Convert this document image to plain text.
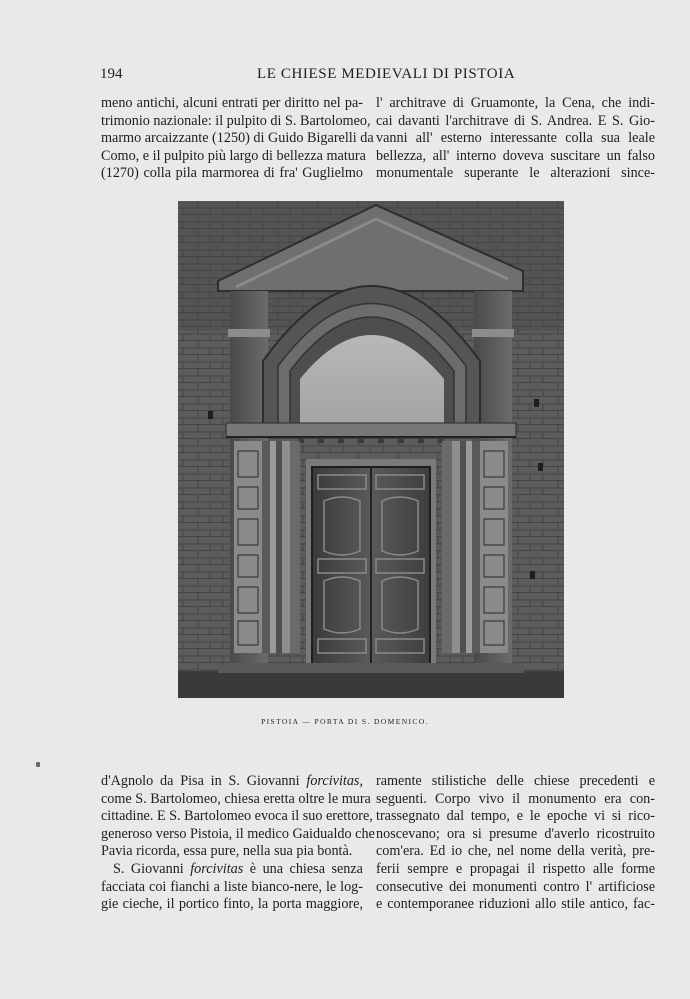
194	LE CHIESE MEDIEVALI DI PISTOIA
meno antichi, alcuni entrati per diritto nel pa-
trimonio nazionale: il pulpito di S. Bartolomeo,
marmo arcaizzante (1250) di Guido Bigarelli da
Como, e il pulpito più largo di bellezza matura
(1270) colla pila marmorea di fra' Guglielmo
l' architrave di Gruamonte, la Cena, che indi-
cai davanti l'architrave di S. Andrea. E S. Gio-
vanni all' esterno interessante colla sua leale
bellezza, all' interno doveva suscitare un falso
monumentale superante le alterazioni since-
PISTOIA — PORTA DI S. DOMENICO.
d'Agnolo da Pisa in S. Giovanni forcivitas,
come S. Bartolomeo, chiesa eretta oltre le mura
cittadine. E S. Bartolomeo evoca il suo erettore,
generoso verso Pistoia, il medico Gaidualdo che
Pavia ricorda, essa pure, nella sua pia bontà.
S. Giovanni forcivitas è una chiesa senza
facciata coi fianchi a liste bianco-nere, le log-
gie cieche, il portico finto, la porta maggiore,
ramente stilistiche delle chiese precedenti e
seguenti. Corpo vivo il monumento era con-
trassegnato dal tempo, e le epoche vi si rico-
noscevano; ora si presume d'averlo ricostruito
com'era. Ed io che, nel nome della verità, pre-
ferii sempre e propagai il rispetto alle forme
consecutive dei monumenti contro l' artificiose
e contemporanee riduzioni allo stile antico, fac-
